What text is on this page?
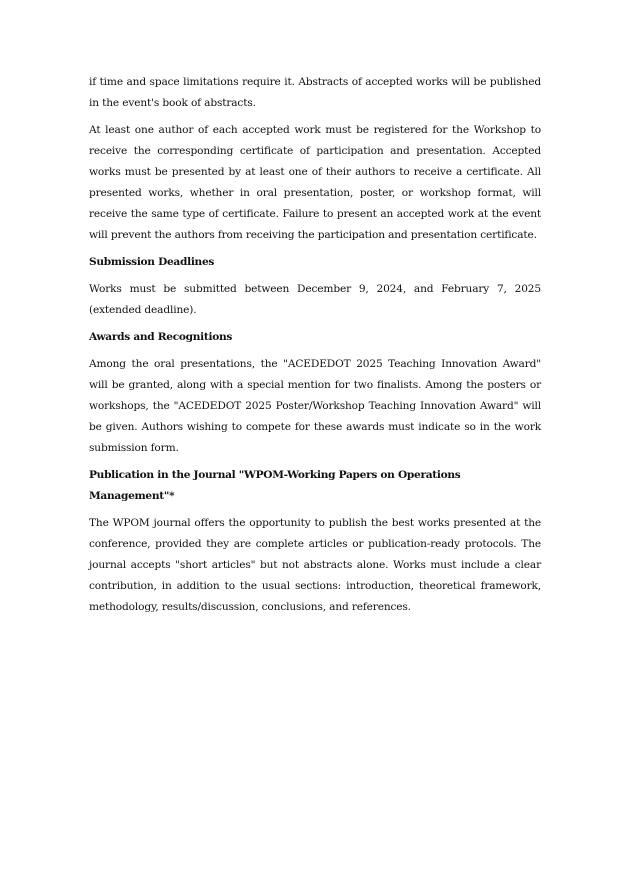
if time and space limitations require it. Abstracts of accepted works will be published in the event's book of abstracts.

At least one author of each accepted work must be registered for the Workshop to receive the corresponding certificate of participation and presentation. Accepted works must be presented by at least one of their authors to receive a certificate. All presented works, whether in oral presentation, poster, or workshop format, will receive the same type of certificate. Failure to present an accepted work at the event will prevent the authors from receiving the participation and presentation certificate.

Submission Deadlines

Works must be submitted between December 9, 2024, and February 7, 2025 (extended deadline).

Awards and Recognitions

Among the oral presentations, the "ACEDEDOT 2025 Teaching Innovation Award" will be granted, along with a special mention for two finalists. Among the posters or workshops, the "ACEDEDOT 2025 Poster/Workshop Teaching Innovation Award" will be given. Authors wishing to compete for these awards must indicate so in the work submission form.

Publication in the Journal "WPOM-Working Papers on Operations Management"*

The WPOM journal offers the opportunity to publish the best works presented at the conference, provided they are complete articles or publication-ready protocols. The journal accepts "short articles" but not abstracts alone. Works must include a clear contribution, in addition to the usual sections: introduction, theoretical framework, methodology, results/discussion, conclusions, and references.
